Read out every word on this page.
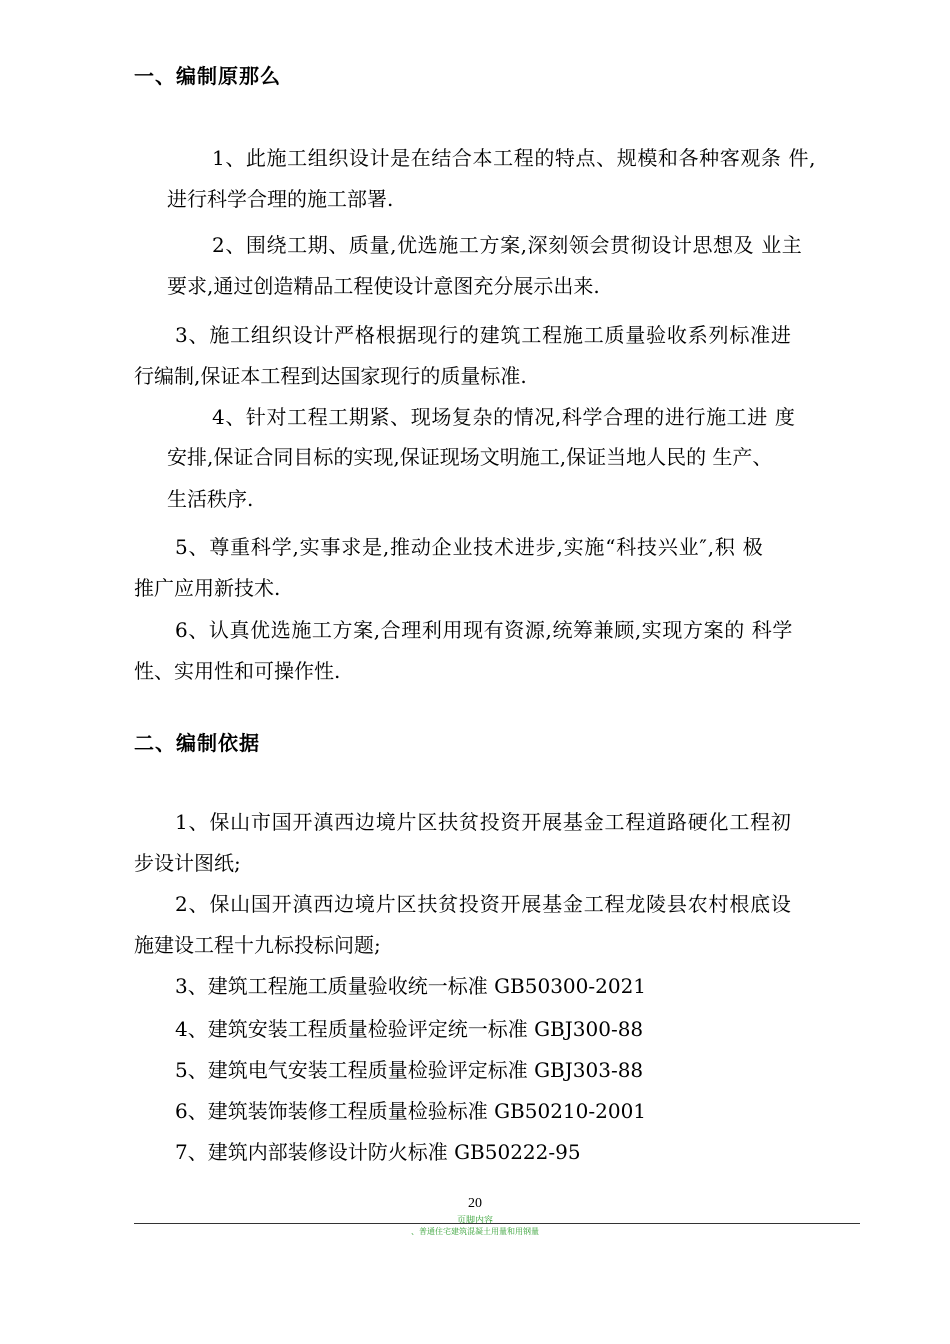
一、编制原那么
1、此施工组织设计是在结合本工程的特点、规模和各种客观条 件,
进行科学合理的施工部署.
2、围绕工期、质量,优选施工方案,深刻领会贯彻设计思想及 业主
要求,通过创造精品工程使设计意图充分展示出来.
3、施工组织设计严格根据现行的建筑工程施工质量验收系列标准进
行编制,保证本工程到达国家现行的质量标准.
4、针对工程工期紧、现场复杂的情况,科学合理的进行施工进 度
安排,保证合同目标的实现,保证现场文明施工,保证当地人民的 生产、
生活秩序.
5、尊重科学,实事求是,推动企业技术进步,实施“科技兴业″,积 极
推广应用新技术.
6、认真优选施工方案,合理利用现有资源,统筹兼顾,实现方案的 科学
性、实用性和可操作性.
二、编制依据
1、保山市国开滇西边境片区扶贫投资开展基金工程道路硬化工程初
步设计图纸;
2、保山国开滇西边境片区扶贫投资开展基金工程龙陵县农村根底设
施建设工程十九标投标问题;
3、建筑工程施工质量验收统一标准 GB50300-2021
4、建筑安装工程质量检验评定统一标准 GBJ300-88
5、建筑电气安装工程质量检验评定标准 GBJ303-88
6、建筑装饰装修工程质量检验标准 GB50210-2001
7、建筑内部装修设计防火标准 GB50222-95
20
页脚内容
、普通住宅建筑混凝土用量和用钢量
